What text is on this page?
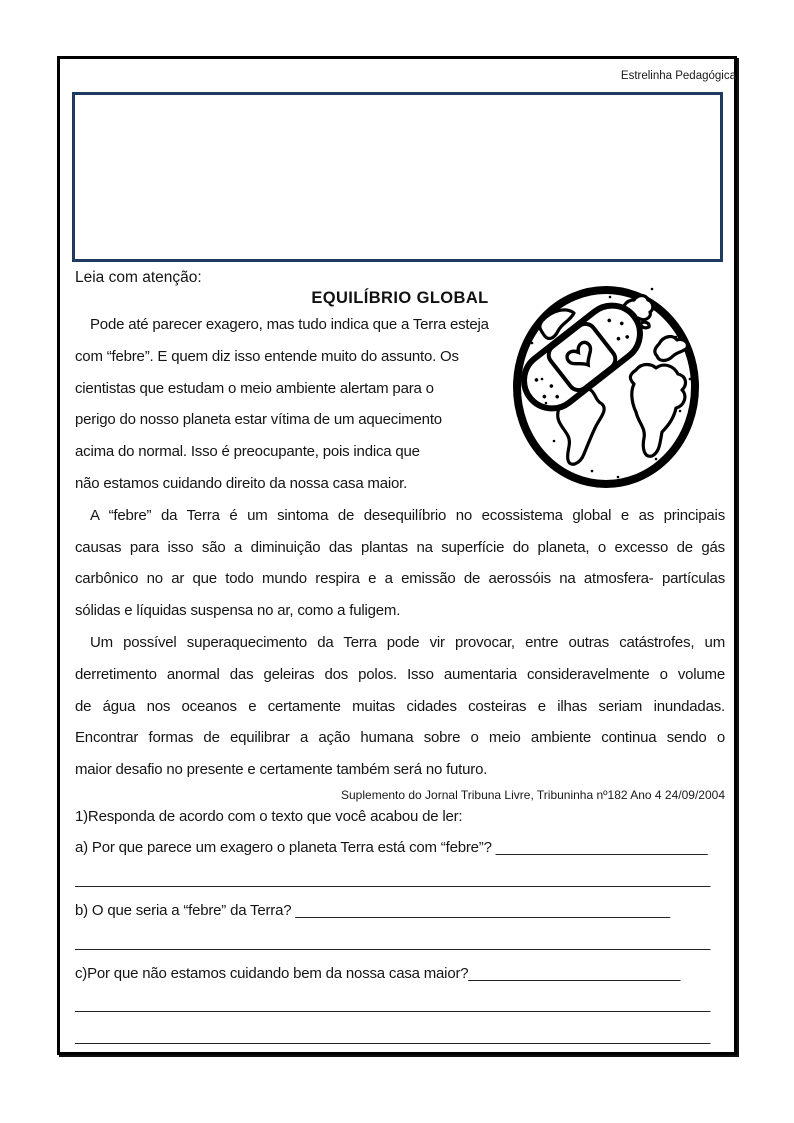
Estrelinha Pedagógica
Leia com atenção:
EQUILÍBRIO GLOBAL
Pode até parecer exagero, mas tudo indica que a Terra esteja
com “febre”. E quem diz isso entende muito do assunto. Os
cientistas que estudam o meio ambiente alertam para o
perigo do nosso planeta estar vítima de um aquecimento
acima do normal. Isso é preocupante, pois indica que
não estamos cuidando direito da nossa casa maior.
A “febre” da Terra é um sintoma de desequilíbrio no ecossistema global e as principais
causas para isso são a diminuição das plantas na superfície do planeta, o excesso de gás
carbônico no ar que todo mundo respira e a emissão de aerossóis na atmosfera- partículas
sólidas e líquidas suspensa no ar, como a fuligem.
Um possível superaquecimento da Terra pode vir provocar, entre outras catástrofes, um
derretimento anormal das geleiras dos polos. Isso aumentaria consideravelmente o volume
de água nos oceanos e certamente muitas cidades costeiras e ilhas seriam inundadas.
Encontrar formas de equilibrar a ação humana sobre o meio ambiente continua sendo o
maior desafio no presente e certamente também será no futuro.
Suplemento do Jornal Tribuna Livre, Tribuninha nº182 Ano 4 24/09/2004
1)Responda de acordo com o texto que você acabou de ler:
a) Por que parece um exagero o planeta Terra está com “febre”? __________________________
______________________________________________________________________________
b) O que seria a “febre” da Terra? ______________________________________________
______________________________________________________________________________
c)Por que não estamos cuidando bem da nossa casa maior?__________________________
______________________________________________________________________________
______________________________________________________________________________
